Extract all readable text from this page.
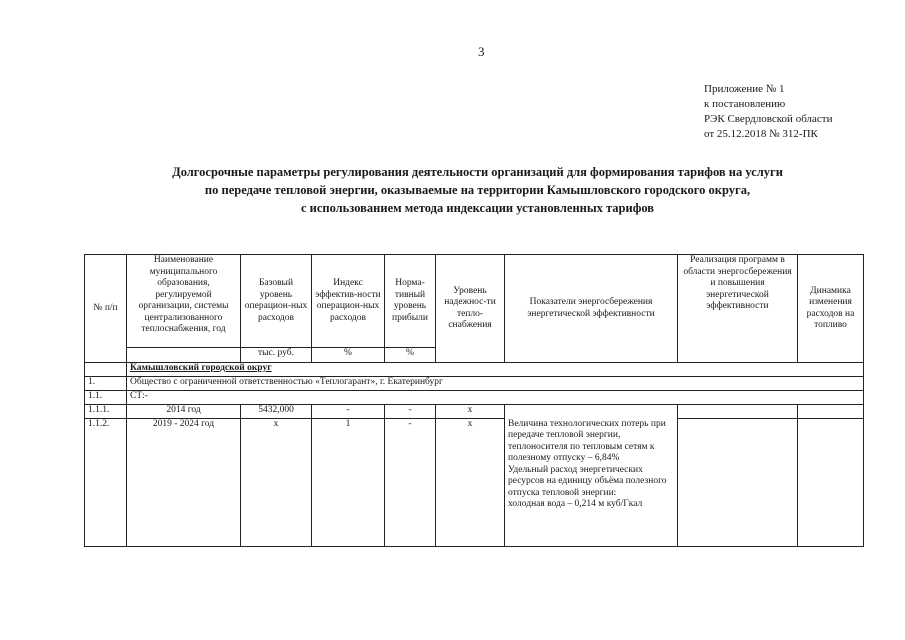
3
Приложение № 1
к постановлению
РЭК Свердловской области
от 25.12.2018 № 312-ПК
Долгосрочные параметры регулирования деятельности организаций для формирования тарифов на услуги
по передаче тепловой энергии, оказываемые на территории Камышловского городского округа,
с использованием метода индексации установленных тарифов
№ п/п	Наименование муниципального образования, регулируемой организации, системы централизованного теплоснабжения, год	Базовый уровень операцион-ных расходов	Индекс эффектив-ности операцион-ных расходов	Норма-тивный уровень прибыли	Уровень надежнос-ти тепло-снабжения	Показатели энергосбережения энергетической эффективности	Реализация программ в области энергосбережения и повышения энергетической эффективности	Динамика изменения расходов на топливо
		тыс. руб.	%	%				
	Камышловский городской округ							
1.	Общество с ограниченной ответственностью «Теплогарант», г. Екатеринбург							
1.1.	СТ:-							
1.1.1.	2014 год	5432,000	-	-	x			
1.1.2.	2019 - 2024 год	x	1	-	x	Величина технологических потерь при передаче тепловой энергии, теплоносителя по тепловым сетям к полезному отпуску – 6,84%
Удельный расход энергетических ресурсов на единицу объёма полезного отпуска тепловой энергии:
холодная вода – 0,214 м куб/Гкал		
